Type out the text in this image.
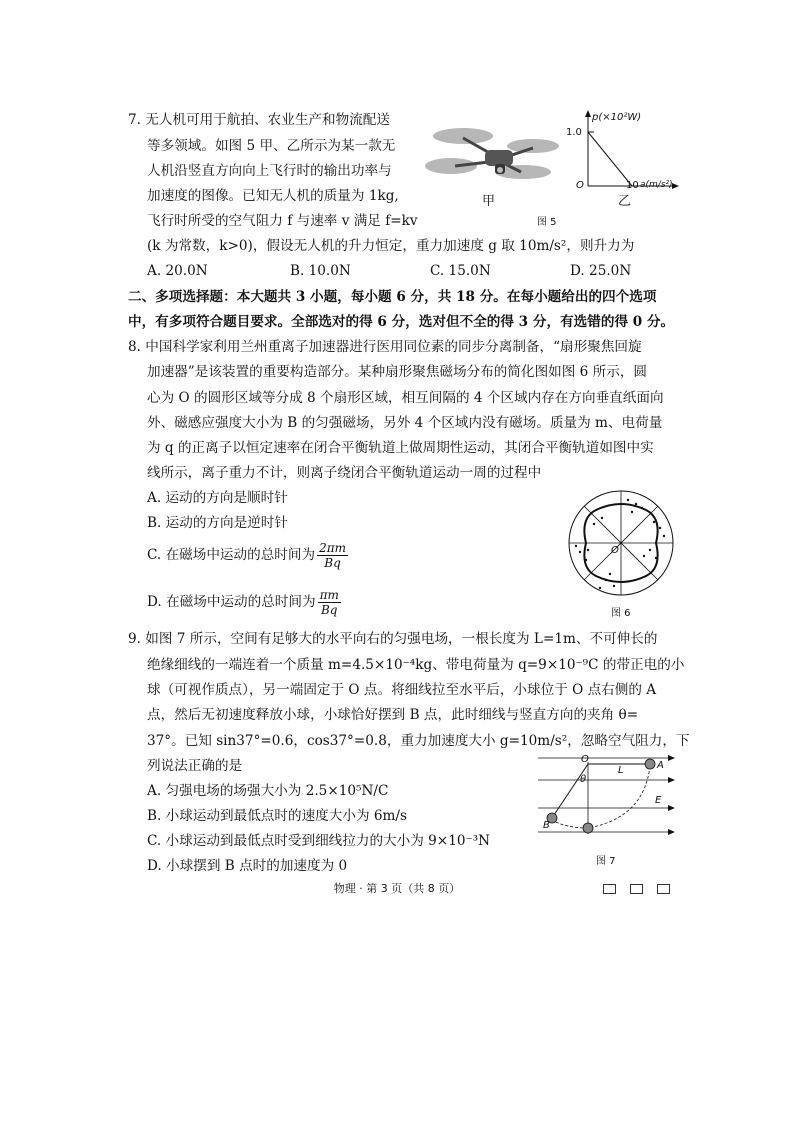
7. 无人机可用于航拍、农业生产和物流配送
等多领域。如图 5 甲、乙所示为某一款无
人机沿竖直方向向上飞行时的输出功率与
加速度的图像。已知无人机的质量为 1kg,
飞行时所受的空气阻力 f 与速率 v 满足 f=kv
(k 为常数，k>0)，假设无人机的升力恒定，重力加速度 g 取 10m/s²，则升力为
甲
图 5
p(×10²W)
1.0
O	10 a(m/s²)
乙
A. 20.0N	B. 10.0N	C. 15.0N	D. 25.0N
二、多项选择题：本大题共 3 小题，每小题 6 分，共 18 分。在每小题给出的四个选项
中，有多项符合题目要求。全部选对的得 6 分，选对但不全的得 3 分，有选错的得 0 分。
8. 中国科学家利用兰州重离子加速器进行医用同位素的同步分离制备，“扇形聚焦回旋
加速器”是该装置的重要构造部分。某种扇形聚焦磁场分布的简化图如图 6 所示，圆
心为 O 的圆形区域等分成 8 个扇形区域，相互间隔的 4 个区域内存在方向垂直纸面向
外、磁感应强度大小为 B 的匀强磁场，另外 4 个区域内没有磁场。质量为 m、电荷量
为 q 的正离子以恒定速率在闭合平衡轨道上做周期性运动，其闭合平衡轨道如图中实
线所示，离子重力不计，则离子绕闭合平衡轨道运动一周的过程中
A. 运动的方向是顺时针
B. 运动的方向是逆时针
C. 在磁场中运动的总时间为 $\frac{2\pi m}{Bq}$
D. 在磁场中运动的总时间为 $\frac{\pi m}{Bq}$
O
图 6
9. 如图 7 所示，空间有足够大的水平向右的匀强电场，一根长度为 L=1m、不可伸长的
绝缘细线的一端连着一个质量 m=4.5×10⁻⁴kg、带电荷量为 q=9×10⁻⁹C 的带正电的小
球（可视作质点），另一端固定于 O 点。将细线拉至水平后，小球位于 O 点右侧的 A
点，然后无初速度释放小球，小球恰好摆到 B 点，此时细线与竖直方向的夹角 θ=
37°。已知 sin37°=0.6，cos37°=0.8，重力加速度大小 g=10m/s²，忽略空气阻力，下
列说法正确的是
A. 匀强电场的场强大小为 2.5×10⁵N/C
B. 小球运动到最低点时的速度大小为 6m/s
C. 小球运动到最低点时受到细线拉力的大小为 9×10⁻³N
D. 小球摆到 B 点时的加速度为 0
O
L	A
θ
E
B
图 7
物理 · 第 3 页（共 8 页）
